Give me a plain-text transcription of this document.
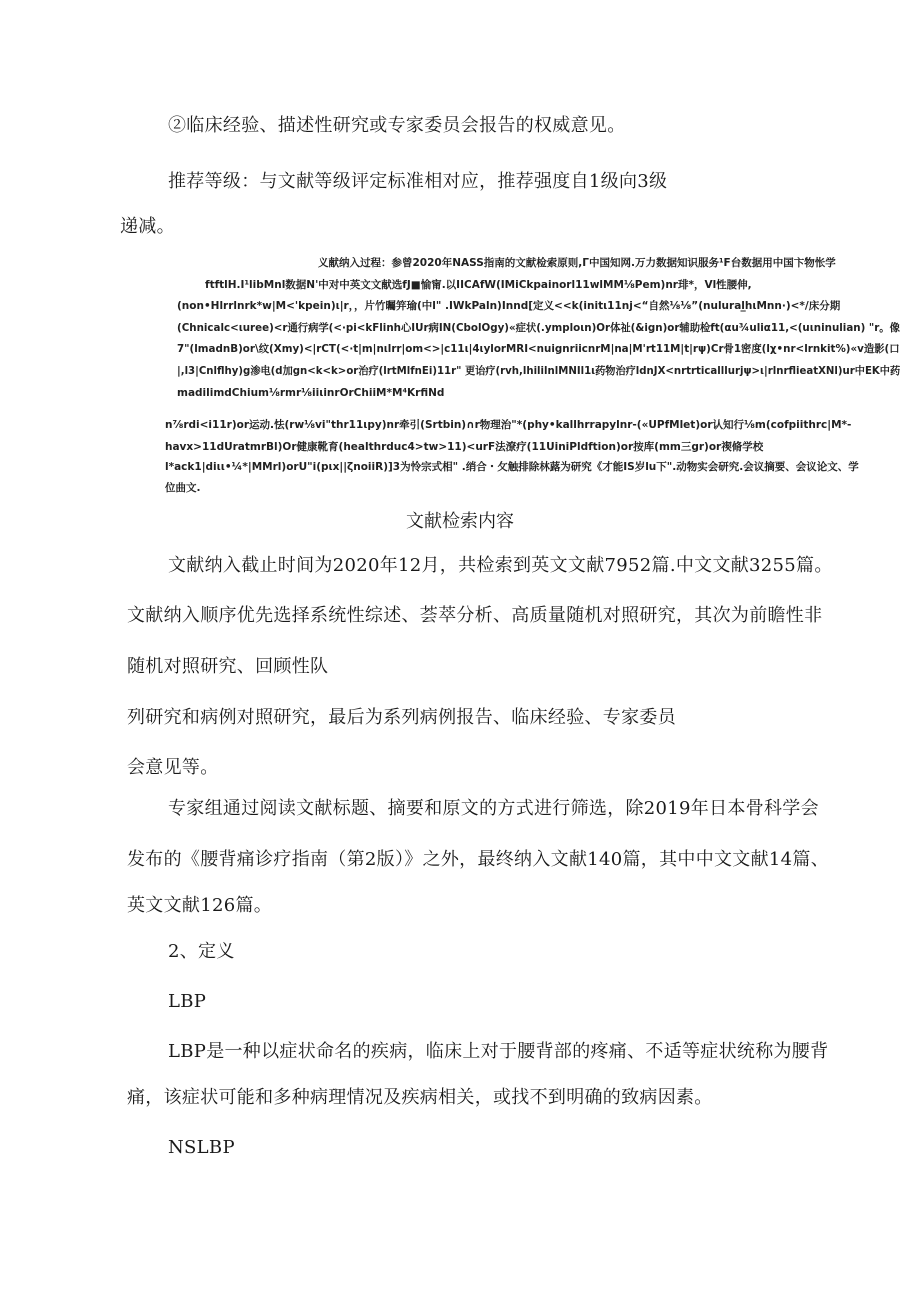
②临床经验、描述性研究或专家委员会报告的权威意见。
推荐等级：与文献等级评定标准相对应，推荐强度自1级向3级
递减。
义献纳入过程：参曾2020年NASS指南的文献检索原则,Г中国知网.万力数据知识服务¹F台数据用中国卞物怅学
ftftlH.I¹libMnl数据N'中对中英文文献选fJ■愉甯.以IICAfW(IMiCkpainorl11wlMM⅛Pem)nr琲*，Vl性腰伸,
(non•Hlrrlnrk*w|M<'kpein)ι|r，，片竹曯笄瑜(中l" .IWkPaln)Innd[定义<<k(initι11nj<“自然⅛⅛”(nulural̲hιMnn·)<*/床分期
(Chnicalc<ιuree)<r通行病学(<·pi<kFlinh心IUr病IN(CbolOgy)«症状(.ymploιn)Or体祉(&ign)or辅助检ft(αu¾uliα11,<(uιninulian) "r。像
7"(lmadnB)or\纹(Xmy)<|rCT(<·t|m|nιlrr|om<>|c11ι|4ιylorMRI<nuignriicnrM|na|M'rt11M|t|rψ)Cr骨1密度(lχ•nr<lrnkit%)«v造影(口
|,l3|Cnlflhy)g渗电(d加gn<k<k>or治疗(lrtMlfnEi)11r" 更诒疗(rvh,lhililnlMNIl1ι药物治疗ldnJX<nrtrticalllurjψ>ι|rlnrflieatXNl)ur中EK中药
madilimdChium⅛rmr⅛iiιinrOrChiiM*M⁴KrfiNd
n⅞rdi<i11r)or运动.怯(rw⅛vi"thr11ιpy)nr牵引(Srtbin)∩r物理治"*(phy•kallhrrapylnr-(«UPfMlet)or认知行⅛m(cofpiithrc|M*-
havx>11dUratmrBl)Or健康靴育(healthrduc4>tw>11)<urF法潦疗(11UiniPldftion)or按库(mm三gr)or禊脩学校
l*ack1|diιι•¼*|MMrl)orU"i(pιx||ζnoiiR)]3为怜宗式相" .绡合・攵触排除林蕗为研究《才能IS岁lu下".动物实会研究.会议摘要、会议论文、学
位曲文.
文献检索内容
文献纳入截止时间为2020年12月，共检索到英文文献7952篇.中文文献3255篇。
文献纳入顺序优先选择系统性综述、荟萃分析、高质量随机对照研究，其次为前瞻性非
随机对照研究、回顾性队
列研究和病例对照研究，最后为系列病例报告、临床经验、专家委员
会意见等。
专家组通过阅读文献标题、摘要和原文的方式进行筛选，除2019年日本骨科学会
发布的《腰背痛诊疗指南（第2版）》之外，最终纳入文献140篇，其中中文文献14篇、
英文文献126篇。
2、定义
LBP
LBP是一种以症状命名的疾病，临床上对于腰背部的疼痛、不适等症状统称为腰背
痛，该症状可能和多种病理情况及疾病相关，或找不到明确的致病因素。
NSLBP
